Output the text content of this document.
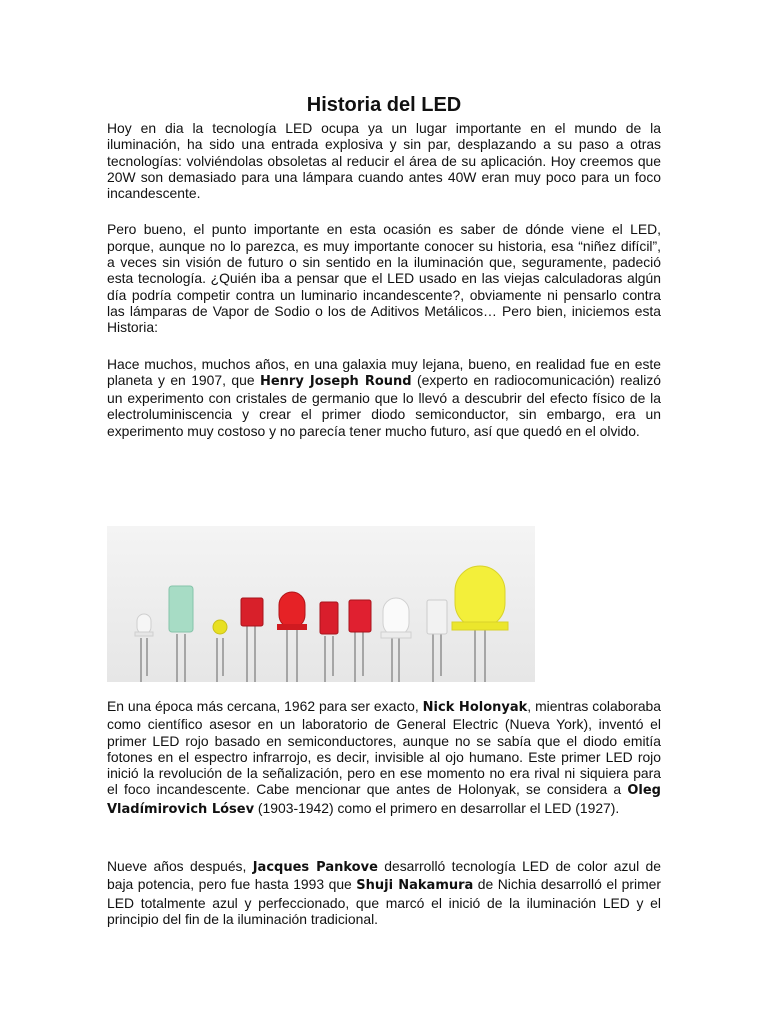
Historia del LED

Hoy en dia la tecnología LED ocupa ya un lugar importante en el mundo de la iluminación, ha sido una entrada explosiva y sin par, desplazando a su paso a otras tecnologías: volviéndolas obsoletas al reducir el área de su aplicación. Hoy creemos que 20W son demasiado para una lámpara cuando antes 40W eran muy poco para un foco incandescente.

Pero bueno, el punto importante en esta ocasión es saber de dónde viene el LED, porque, aunque no lo parezca, es muy importante conocer su historia, esa “niñez difícil”, a veces sin visión de futuro o sin sentido en la iluminación que, seguramente, padeció esta tecnología. ¿Quién iba a pensar que el LED usado en las viejas calculadoras algún día podría competir contra un luminario incandescente?, obviamente ni pensarlo contra las lámparas de Vapor de Sodio o los de Aditivos Metálicos… Pero bien, iniciemos esta Historia:

Hace muchos, muchos años, en una galaxia muy lejana, bueno, en realidad fue en este planeta y en 1907, que Henry Joseph Round (experto en radiocomunicación) realizó un experimento con cristales de germanio que lo llevó a descubrir del efecto físico de la electroluminiscencia y crear el primer diodo semiconductor, sin embargo, era un experimento muy costoso y no parecía tener mucho futuro, así que quedó en el olvido.

En una época más cercana, 1962 para ser exacto, Nick Holonyak, mientras colaboraba como científico asesor en un laboratorio de General Electric (Nueva York), inventó el primer LED rojo basado en semiconductores, aunque no se sabía que el diodo emitía fotones en el espectro infrarrojo, es decir, invisible al ojo humano. Este primer LED rojo inició la revolución de la señalización, pero en ese momento no era rival ni siquiera para el foco incandescente. Cabe mencionar que antes de Holonyak, se considera a Oleg Vladímirovich Lósev (1903-1942) como el primero en desarrollar el LED (1927).

Nueve años después, Jacques Pankove desarrolló tecnología LED de color azul de baja potencia, pero fue hasta 1993 que Shuji Nakamura de Nichia desarrolló el primer LED totalmente azul y perfeccionado, que marcó el inició de la iluminación LED y el principio del fin de la iluminación tradicional.
